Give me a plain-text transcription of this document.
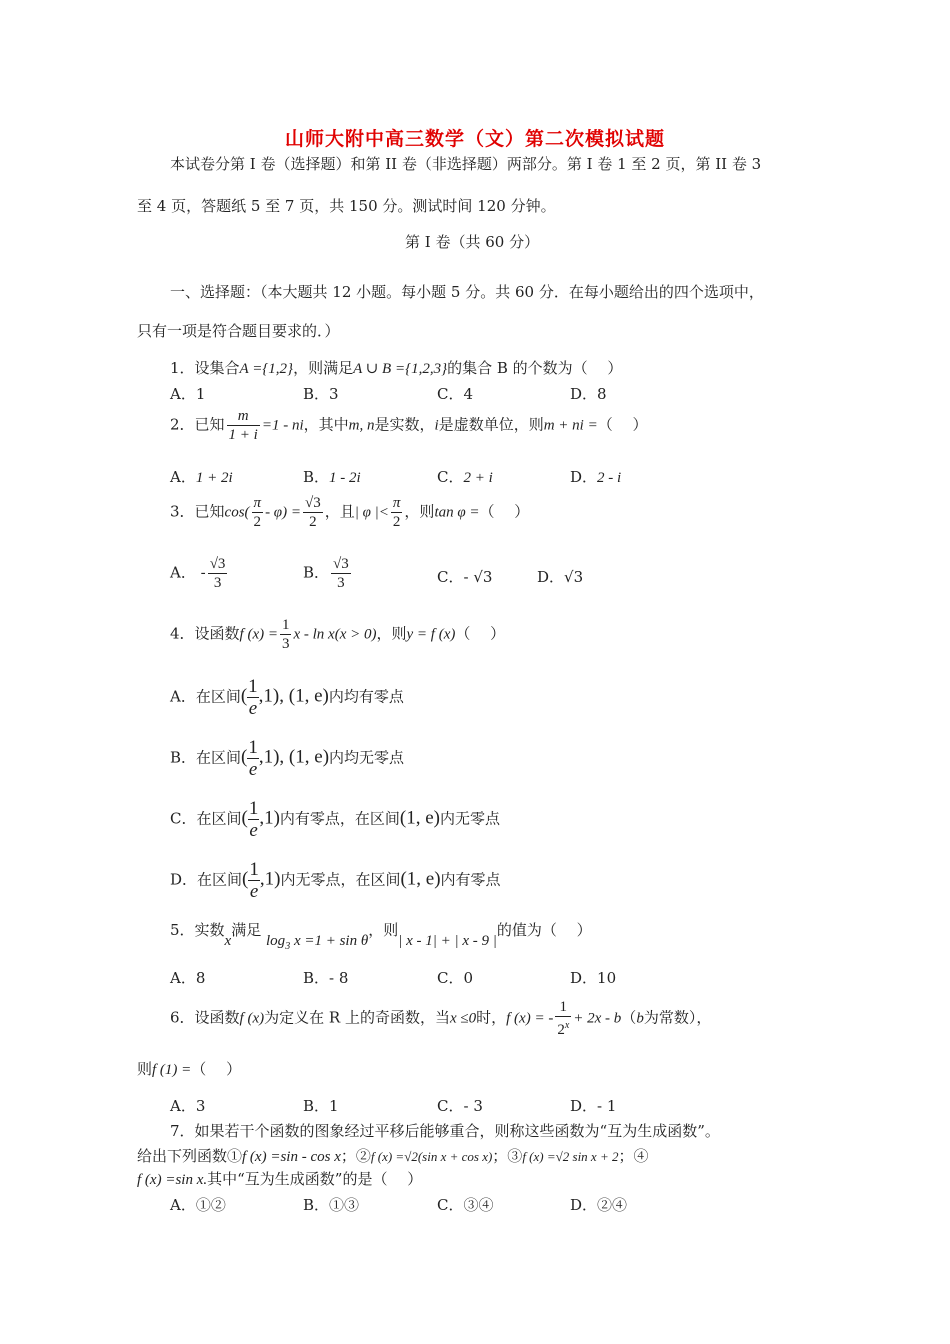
山师大附中高三数学（文）第二次模拟试题
本试卷分第 I 卷（选择题）和第 II 卷（非选择题）两部分。第 I 卷 1 至 2 页，第 II 卷 3
至 4 页，答题纸 5 至 7 页，共 150 分。测试时间 120 分钟。
第 I 卷（共 60 分）
一、选择题：（本大题共 12 小题。每小题 5 分。共 60 分．在每小题给出的四个选项中，
只有一项是符合题目要求的．）
1．设集合A ={1,2}，则满足A ∪ B ={1,2,3}的集合 B 的个数为（　 ）
A．1	B．3	C．4	D．8
2．已知 $\frac{m}{1 + i} =1$ - ni，其中m, n是实数，i是虚数单位，则m + ni =（　 ）
A．1 + 2i	B．1 - 2i	C．2 + i	D．2 - i
3．已知$\cos( \frac{\pi}{2} - \varphi) = \frac{√3}{2}$ ，且| φ |< $\frac{\pi}{2}$ ，则tan φ =（　 ）
A． - $\frac{√3}{3}$	B． $\frac{√3}{3}$	C．- √3	D．√3
4．设函数f $(x) = \frac{1}{3}$ x - ln x(x > 0)，则y = f (x)（　 ）
A．在区间( $\frac{1}{e} ,1$), (1, e)内均有零点
B．在区间( $\frac{1}{e} ,1$), (1, e)内均无零点
C．在区间( $\frac{1}{e} ,1$)内有零点，在区间(1, e)内无零点
D．在区间( $\frac{1}{e} ,1$)内无零点，在区间(1, e)内有零点
5．实数x满足 $\log_3 x =1 + \sin \theta$，则| x - 1| + | x - 9 |的值为（　 ）
A．8	B．- 8	C．0	D．10
6．设函数f (x)为定义在 R 上的奇函数，当x ≤0时，f (x) = - $\frac{1}{2^x} + 2x - b(b$为常数），
则f (1) =（　 ）
A．3	B．1	C．- 3	D．- 1
7．如果若干个函数的图象经过平移后能够重合，则称这些函数为“互为生成函数”。
给出下列函数①f (x) =sin - cos x；②f (x) =√2(sin x + cos x)；③f (x) =√2 sin x + 2；④
f (x) =sin x.其中“互为生成函数”的是（　 ）
A．①②	B．①③	C．③④	D．②④
